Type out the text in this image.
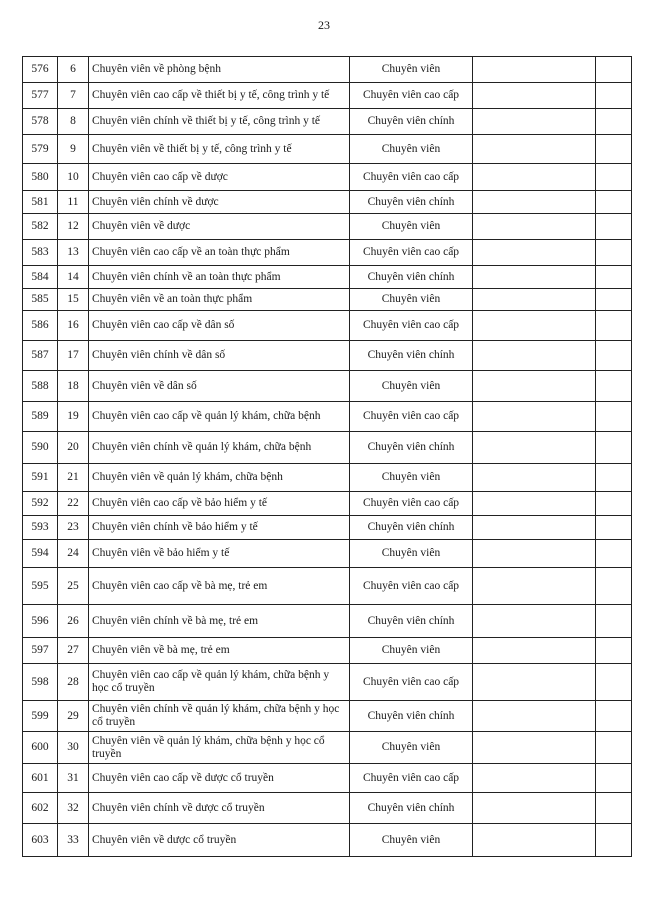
23
576	6	Chuyên viên về phòng bệnh	Chuyên viên		
577	7	Chuyên viên cao cấp về thiết bị y tế, công trình y tế	Chuyên viên cao cấp		
578	8	Chuyên viên chính về thiết bị y tế, công trình y tế	Chuyên viên chính		
579	9	Chuyên viên về thiết bị y tế, công trình y tế	Chuyên viên		
580	10	Chuyên viên cao cấp về dược	Chuyên viên cao cấp		
581	11	Chuyên viên chính về dược	Chuyên viên chính		
582	12	Chuyên viên về dược	Chuyên viên		
583	13	Chuyên viên cao cấp về an toàn thực phẩm	Chuyên viên cao cấp		
584	14	Chuyên viên chính về an toàn thực phẩm	Chuyên viên chính		
585	15	Chuyên viên về an toàn thực phẩm	Chuyên viên		
586	16	Chuyên viên cao cấp về dân số	Chuyên viên cao cấp		
587	17	Chuyên viên chính về dân số	Chuyên viên chính		
588	18	Chuyên viên về dân số	Chuyên viên		
589	19	Chuyên viên cao cấp về quản lý khám, chữa bệnh	Chuyên viên cao cấp		
590	20	Chuyên viên chính về quản lý khám, chữa bệnh	Chuyên viên chính		
591	21	Chuyên viên về quản lý khám, chữa bệnh	Chuyên viên		
592	22	Chuyên viên cao cấp về bảo hiểm y tế	Chuyên viên cao cấp		
593	23	Chuyên viên chính về bảo hiểm y tế	Chuyên viên chính		
594	24	Chuyên viên về bảo hiểm y tế	Chuyên viên		
595	25	Chuyên viên cao cấp về bà mẹ, trẻ em	Chuyên viên cao cấp		
596	26	Chuyên viên chính về bà mẹ, trẻ em	Chuyên viên chính		
597	27	Chuyên viên về bà mẹ, trẻ em	Chuyên viên		
598	28	Chuyên viên cao cấp về quản lý khám, chữa bệnh y học cổ truyền	Chuyên viên cao cấp		
599	29	Chuyên viên chính về quản lý khám, chữa bệnh y học cổ truyền	Chuyên viên chính		
600	30	Chuyên viên về quản lý khám, chữa bệnh y học cổ truyền	Chuyên viên		
601	31	Chuyên viên cao cấp về dược cổ truyền	Chuyên viên cao cấp		
602	32	Chuyên viên chính về dược cổ truyền	Chuyên viên chính		
603	33	Chuyên viên về dược cổ truyền	Chuyên viên		
